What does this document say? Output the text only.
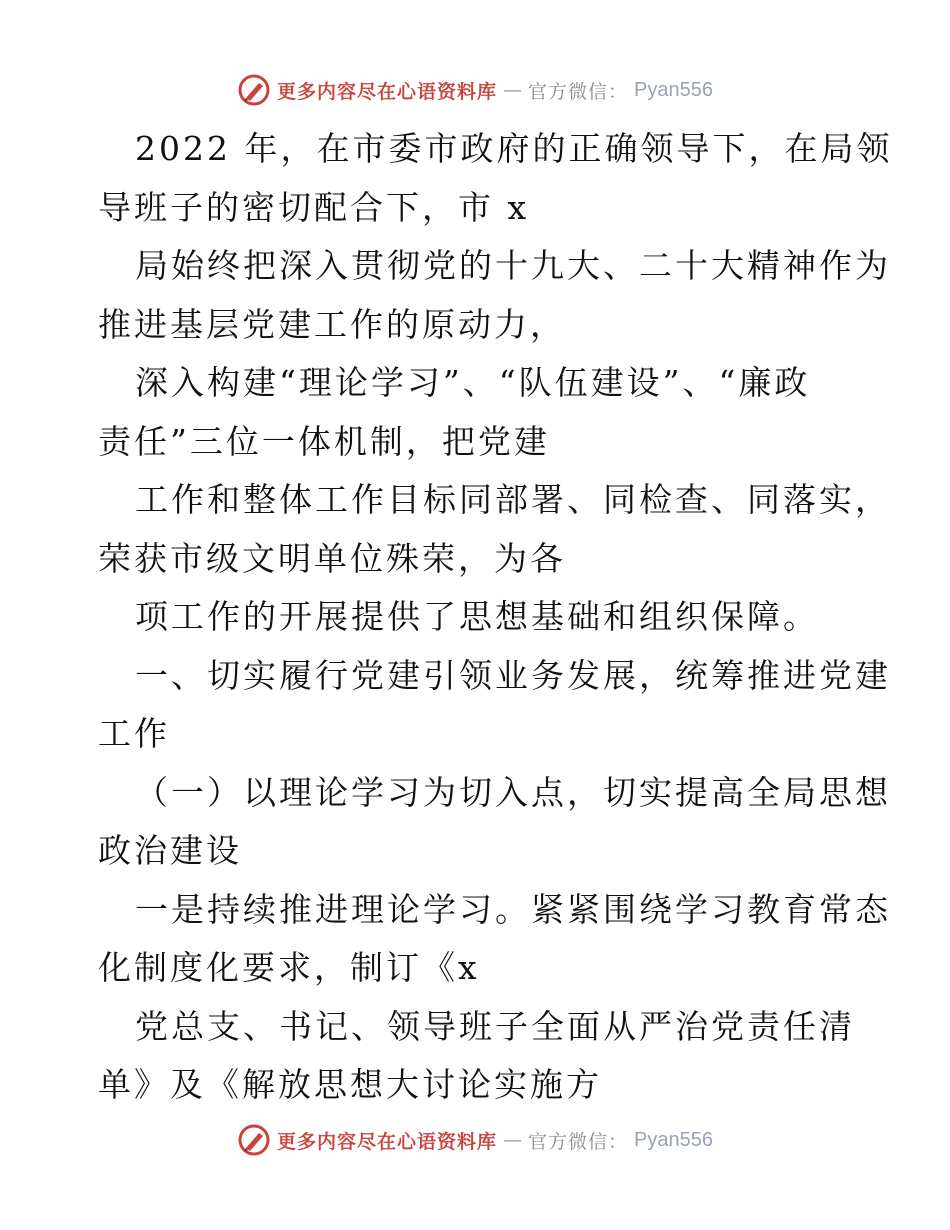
更多内容尽在心语资料库 — 官方微信： Pyan556
2022 年，在市委市政府的正确领导下，在局领
导班子的密切配合下，市 x
局始终把深入贯彻党的十九大、二十大精神作为
推进基层党建工作的原动力，
深入构建“理论学习”、“队伍建设”、“廉政
责任”三位一体机制，把党建
工作和整体工作目标同部署、同检查、同落实，
荣获市级文明单位殊荣，为各
项工作的开展提供了思想基础和组织保障。
一、切实履行党建引领业务发展，统筹推进党建
工作
（一）以理论学习为切入点，切实提高全局思想
政治建设
一是持续推进理论学习。紧紧围绕学习教育常态
化制度化要求，制订《x
党总支、书记、领导班子全面从严治党责任清
单》及《解放思想大讨论实施方
更多内容尽在心语资料库 — 官方微信： Pyan556
